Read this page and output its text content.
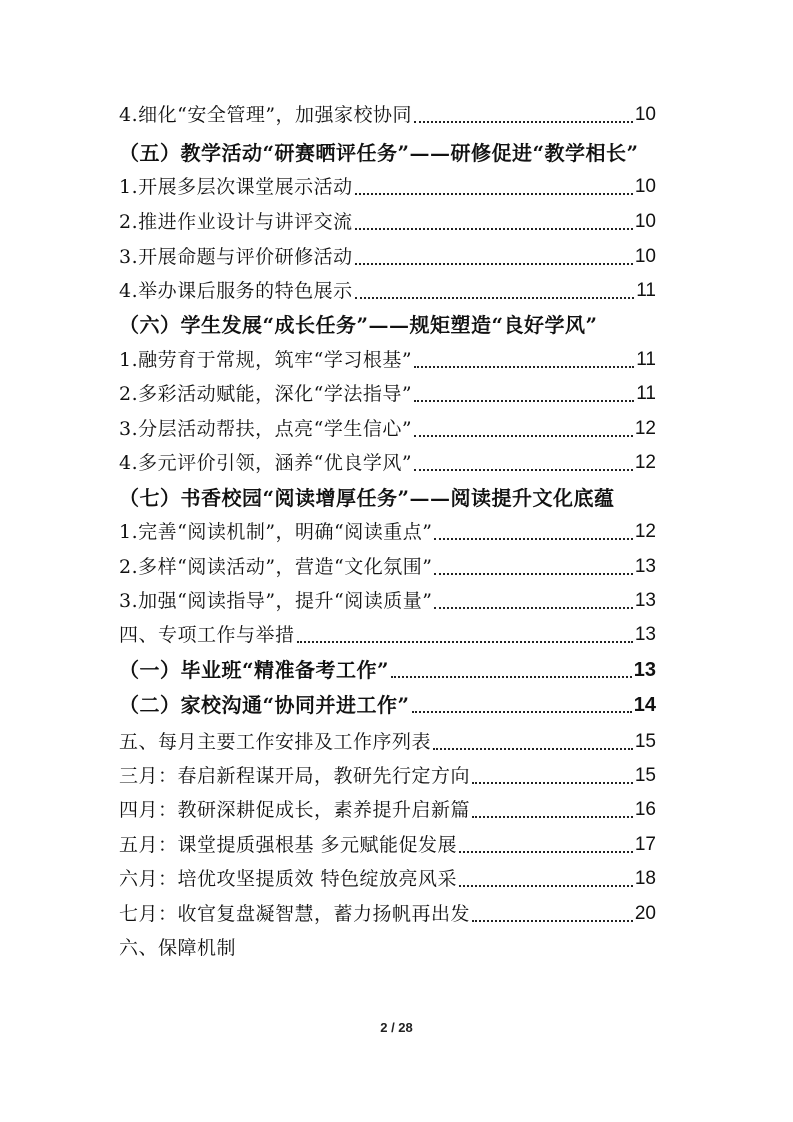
4.细化“安全管理”，加强家校协同	10
（五）教学活动“研赛晒评任务”——研修促进“教学相长”
1.开展多层次课堂展示活动	10
2.推进作业设计与讲评交流	10
3.开展命题与评价研修活动	10
4.举办课后服务的特色展示	11
（六）学生发展“成长任务”——规矩塑造“良好学风”
1.融劳育于常规，筑牢“学习根基”	11
2.多彩活动赋能，深化“学法指导”	11
3.分层活动帮扶，点亮“学生信心”	12
4.多元评价引领，涵养“优良学风”	12
（七）书香校园“阅读增厚任务”——阅读提升文化底蕴
1.完善“阅读机制”，明确“阅读重点”	12
2.多样“阅读活动”，营造“文化氛围”	13
3.加强“阅读指导”，提升“阅读质量”	13
四、专项工作与举措	13
（一）毕业班“精准备考工作”	13
（二）家校沟通“协同并进工作”	14
五、每月主要工作安排及工作序列表	15
三月：春启新程谋开局，教研先行定方向	15
四月：教研深耕促成长，素养提升启新篇	16
五月：课堂提质强根基 多元赋能促发展	17
六月：培优攻坚提质效 特色绽放亮风采	18
七月：收官复盘凝智慧，蓄力扬帆再出发	20
六、保障机制
2 / 28
